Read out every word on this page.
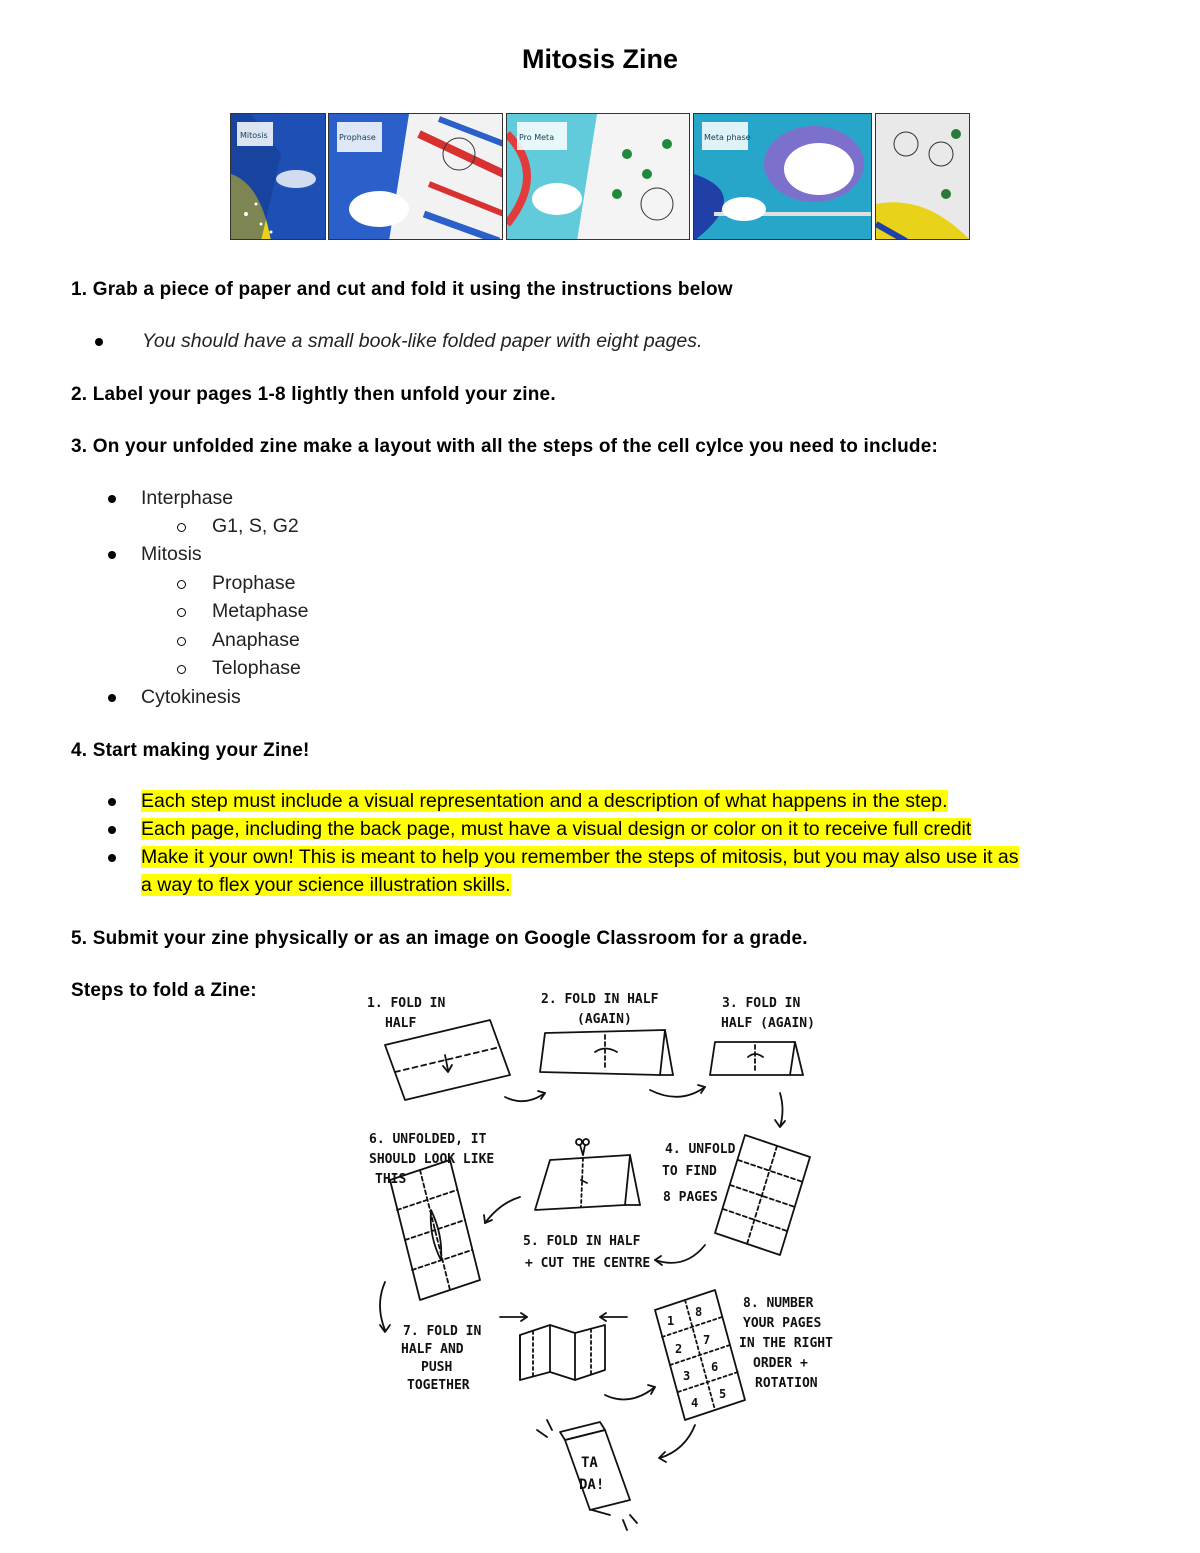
Mitosis Zine
Mitosis	Prophase	Pro Meta	Meta phase
1. Grab a piece of paper and cut and fold it using the instructions below
You should have a small book-like folded paper with eight pages.
2. Label your pages 1-8 lightly then unfold your zine.
3. On your unfolded zine make a layout with all the steps of the cell cylce you need to include:
Interphase
G1, S, G2
Mitosis
Prophase
Metaphase
Anaphase
Telophase
Cytokinesis
4. Start making your Zine!
Each step must include a visual representation and a description of what happens in the step.
Each page, including the back page, must have a visual design or color on it to receive full credit
Make it your own! This is meant to help you remember the steps of mitosis, but you may also use it as
a way to flex your science illustration skills.
5. Submit your zine physically or as an image on Google Classroom for a grade.
Steps to fold a Zine:
1. FOLD IN
HALF
2. FOLD IN HALF
(AGAIN)
3. FOLD IN
HALF (AGAIN)
4. UNFOLD
TO FIND
8 PAGES
5. FOLD IN HALF
+ CUT THE CENTRE
6. UNFOLDED, IT
SHOULD LOOK LIKE
THIS
7. FOLD IN
HALF AND
PUSH
TOGETHER
8. NUMBER
YOUR PAGES
IN THE RIGHT
ORDER +
ROTATION
TA
DA!
1
8
2
7
3
6
4
5
